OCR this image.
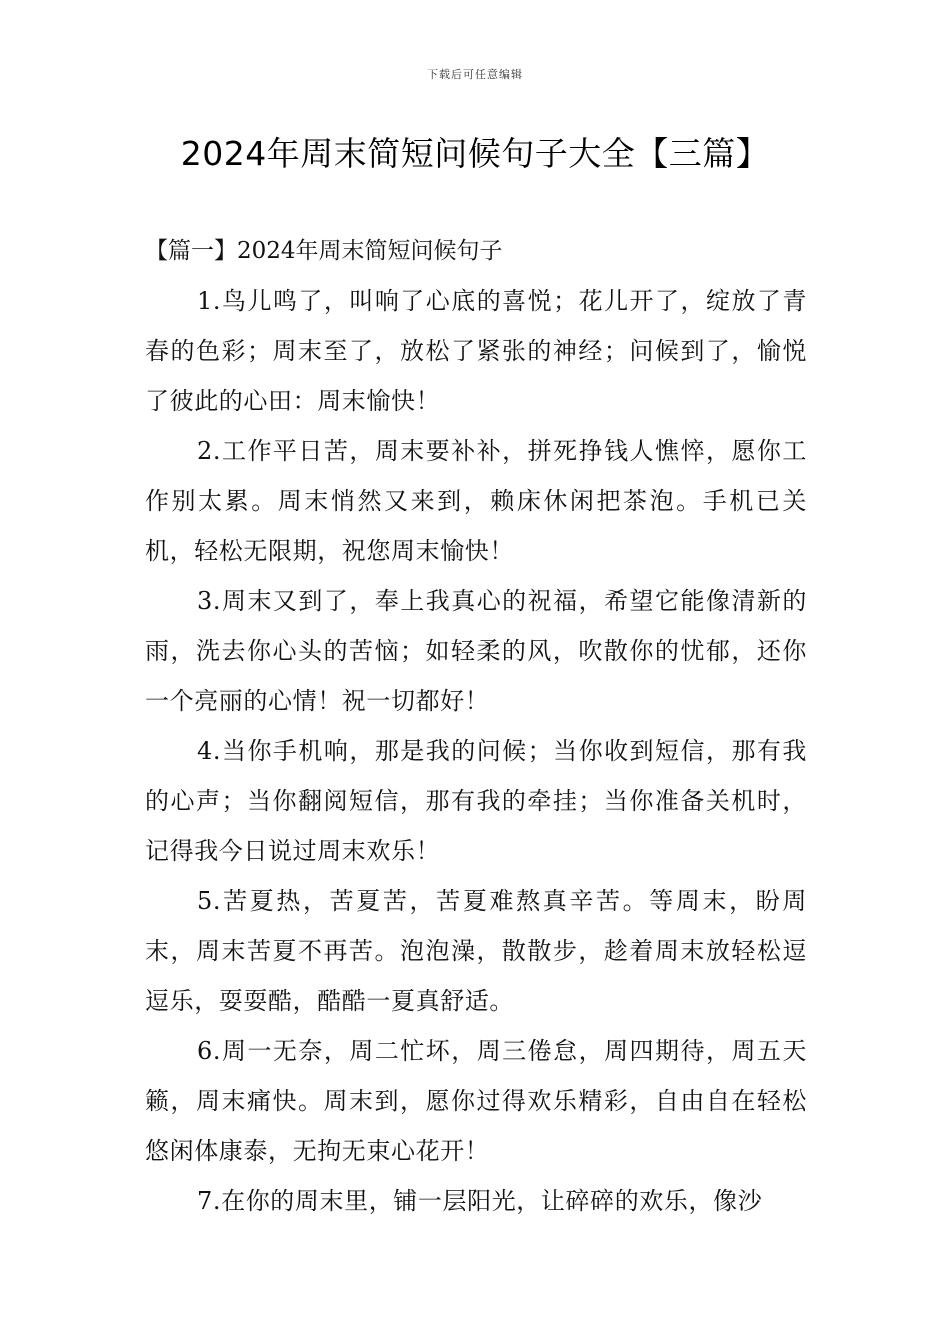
下载后可任意编辑
2024年周末简短问候句子大全【三篇】

【篇一】2024年周末简短问候句子

1.鸟儿鸣了，叫响了心底的喜悦；花儿开了，绽放了青春的色彩；周末至了，放松了紧张的神经；问候到了，愉悦了彼此的心田：周末愉快！

2.工作平日苦，周末要补补，拼死挣钱人憔悴，愿你工作别太累。周末悄然又来到，赖床休闲把茶泡。手机已关机，轻松无限期，祝您周末愉快！

3.周末又到了，奉上我真心的祝福，希望它能像清新的雨，洗去你心头的苦恼；如轻柔的风，吹散你的忧郁，还你一个亮丽的心情！祝一切都好！

4.当你手机响，那是我的问候；当你收到短信，那有我的心声；当你翻阅短信，那有我的牵挂；当你准备关机时，记得我今日说过周末欢乐！

5.苦夏热，苦夏苦，苦夏难熬真辛苦。等周末，盼周末，周末苦夏不再苦。泡泡澡，散散步，趁着周末放轻松逗逗乐，耍耍酷，酷酷一夏真舒适。

6.周一无奈，周二忙坏，周三倦怠，周四期待，周五天籁，周末痛快。周末到，愿你过得欢乐精彩，自由自在轻松悠闲体康泰，无拘无束心花开！

7.在你的周末里，铺一层阳光，让碎碎的欢乐，像沙
